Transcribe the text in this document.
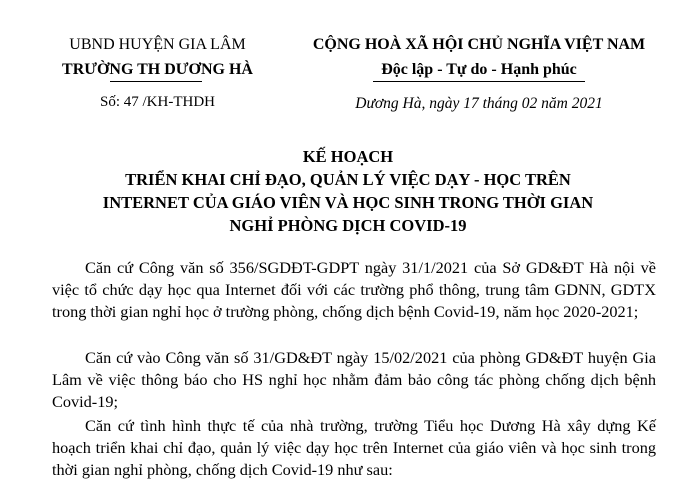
UBND HUYỆN GIA LÂM
TRƯỜNG TH DƯƠNG HÀ
Số: 47 /KH-THDH
CỘNG HOÀ XÃ HỘI CHỦ NGHĨA VIỆT NAM
Độc lập - Tự do - Hạnh phúc
Dương Hà, ngày 17 tháng 02 năm 2021
KẾ HOẠCH
TRIỂN KHAI CHỈ ĐẠO, QUẢN LÝ VIỆC DẠY - HỌC TRÊN
INTERNET CỦA GIÁO VIÊN VÀ HỌC SINH TRONG THỜI GIAN
NGHỈ PHÒNG DỊCH COVID-19
Căn cứ Công văn số 356/SGDĐT-GDPT ngày 31/1/2021 của Sở GD&ĐT Hà nội về việc tổ chức dạy học qua Internet đối với các trường phổ thông, trung tâm GDNN, GDTX trong thời gian nghỉ học ở trường phòng, chống dịch bệnh Covid-19, năm học 2020-2021;
Căn cứ vào Công văn số 31/GD&ĐT ngày 15/02/2021 của phòng GD&ĐT huyện Gia Lâm về việc thông báo cho HS nghỉ học nhằm đảm bảo công tác phòng chống dịch bệnh Covid-19;
Căn cứ tình hình thực tế của nhà trường, trường Tiểu học Dương Hà xây dựng Kế hoạch triển khai chỉ đạo, quản lý việc dạy học trên Internet của giáo viên và học sinh trong thời gian nghỉ phòng, chống dịch Covid-19 như sau:
